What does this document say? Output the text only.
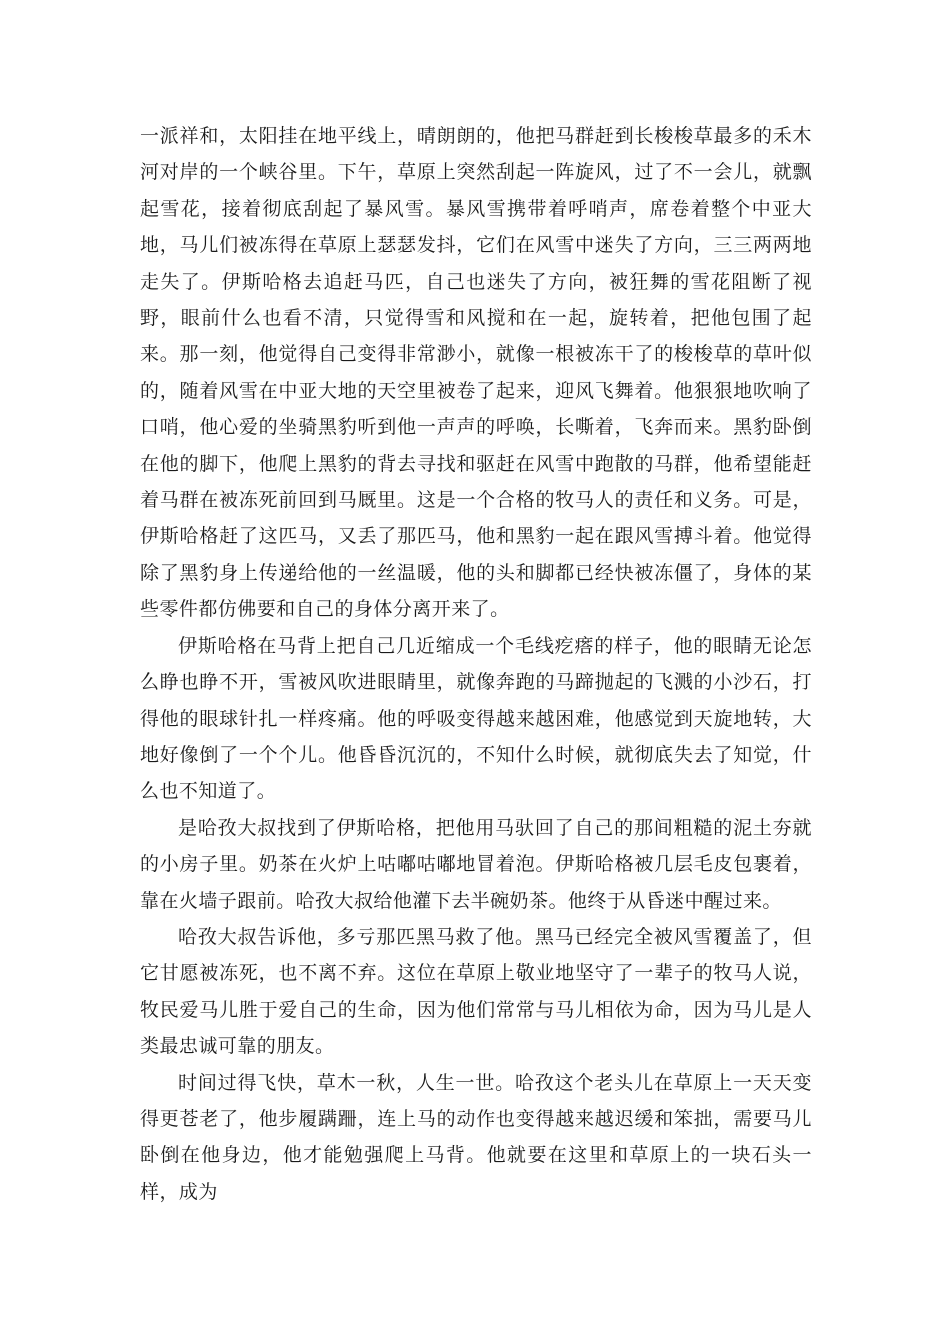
一派祥和，太阳挂在地平线上，晴朗朗的，他把马群赶到长梭梭草最多的禾木河对岸的一个峡谷里。下午，草原上突然刮起一阵旋风，过了不一会儿，就飘起雪花，接着彻底刮起了暴风雪。暴风雪携带着呼哨声，席卷着整个中亚大地，马儿们被冻得在草原上瑟瑟发抖，它们在风雪中迷失了方向，三三两两地走失了。伊斯哈格去追赶马匹，自己也迷失了方向，被狂舞的雪花阻断了视野，眼前什么也看不清，只觉得雪和风搅和在一起，旋转着，把他包围了起来。那一刻，他觉得自己变得非常渺小，就像一根被冻干了的梭梭草的草叶似的，随着风雪在中亚大地的天空里被卷了起来，迎风飞舞着。他狠狠地吹响了口哨，他心爱的坐骑黑豹听到他一声声的呼唤，长嘶着，飞奔而来。黑豹卧倒在他的脚下，他爬上黑豹的背去寻找和驱赶在风雪中跑散的马群，他希望能赶着马群在被冻死前回到马厩里。这是一个合格的牧马人的责任和义务。可是，伊斯哈格赶了这匹马，又丢了那匹马，他和黑豹一起在跟风雪搏斗着。他觉得除了黑豹身上传递给他的一丝温暖，他的头和脚都已经快被冻僵了，身体的某些零件都仿佛要和自己的身体分离开来了。

伊斯哈格在马背上把自己几近缩成一个毛线疙瘩的样子，他的眼睛无论怎么睁也睁不开，雪被风吹进眼睛里，就像奔跑的马蹄抛起的飞溅的小沙石，打得他的眼球针扎一样疼痛。他的呼吸变得越来越困难，他感觉到天旋地转，大地好像倒了一个个儿。他昏昏沉沉的，不知什么时候，就彻底失去了知觉，什么也不知道了。

是哈孜大叔找到了伊斯哈格，把他用马驮回了自己的那间粗糙的泥土夯就的小房子里。奶茶在火炉上咕嘟咕嘟地冒着泡。伊斯哈格被几层毛皮包裹着，靠在火墙子跟前。哈孜大叔给他灌下去半碗奶茶。他终于从昏迷中醒过来。

哈孜大叔告诉他，多亏那匹黑马救了他。黑马已经完全被风雪覆盖了，但它甘愿被冻死，也不离不弃。这位在草原上敬业地坚守了一辈子的牧马人说，牧民爱马儿胜于爱自己的生命，因为他们常常与马儿相依为命，因为马儿是人类最忠诚可靠的朋友。

时间过得飞快，草木一秋，人生一世。哈孜这个老头儿在草原上一天天变得更苍老了，他步履蹒跚，连上马的动作也变得越来越迟缓和笨拙，需要马儿卧倒在他身边，他才能勉强爬上马背。他就要在这里和草原上的一块石头一样，成为
